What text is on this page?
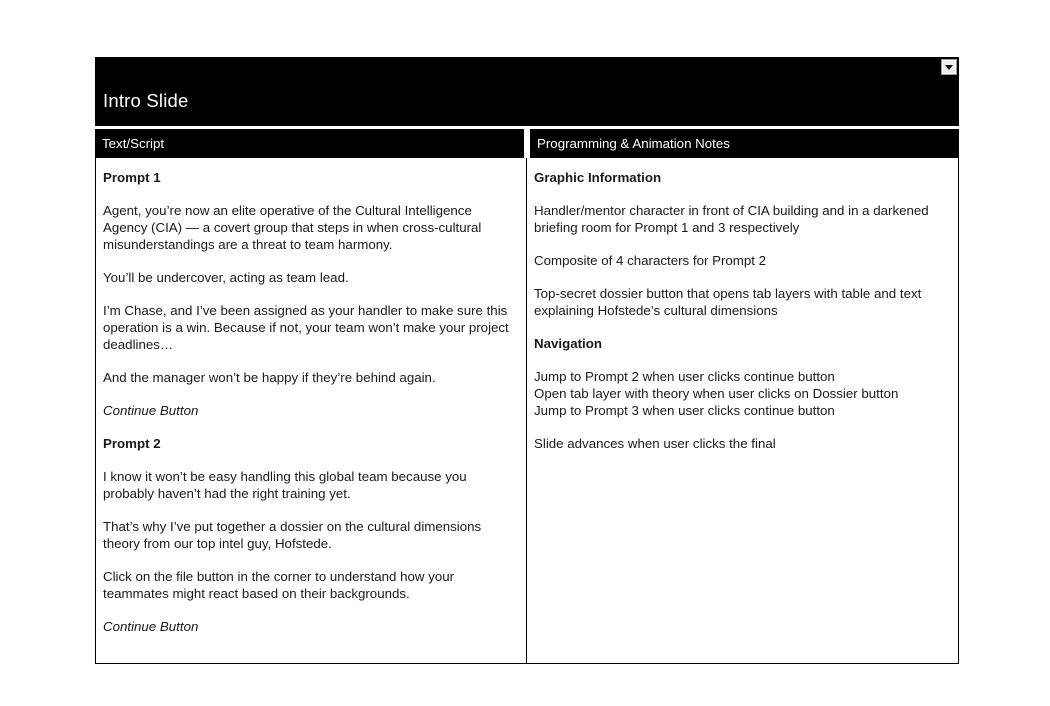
Intro Slide
Text/Script	Programming & Animation Notes

Prompt 1

Agent, you’re now an elite operative of the Cultural Intelligence Agency (CIA) — a covert group that steps in when cross-cultural misunderstandings are a threat to team harmony.

You’ll be undercover, acting as team lead.

I’m Chase, and I’ve been assigned as your handler to make sure this operation is a win. Because if not, your team won’t make your project deadlines…

And the manager won’t be happy if they’re behind again.

Continue Button

Prompt 2

I know it won’t be easy handling this global team because you probably haven’t had the right training yet.

That’s why I’ve put together a dossier on the cultural dimensions theory from our top intel guy, Hofstede.

Click on the file button in the corner to understand how your teammates might react based on their backgrounds.

Continue Button

Graphic Information

Handler/mentor character in front of CIA building and in a darkened briefing room for Prompt 1 and 3 respectively

Composite of 4 characters for Prompt 2

Top-secret dossier button that opens tab layers with table and text explaining Hofstede’s cultural dimensions

Navigation

Jump to Prompt 2 when user clicks continue button
Open tab layer with theory when user clicks on Dossier button
Jump to Prompt 3 when user clicks continue button

Slide advances when user clicks the final
